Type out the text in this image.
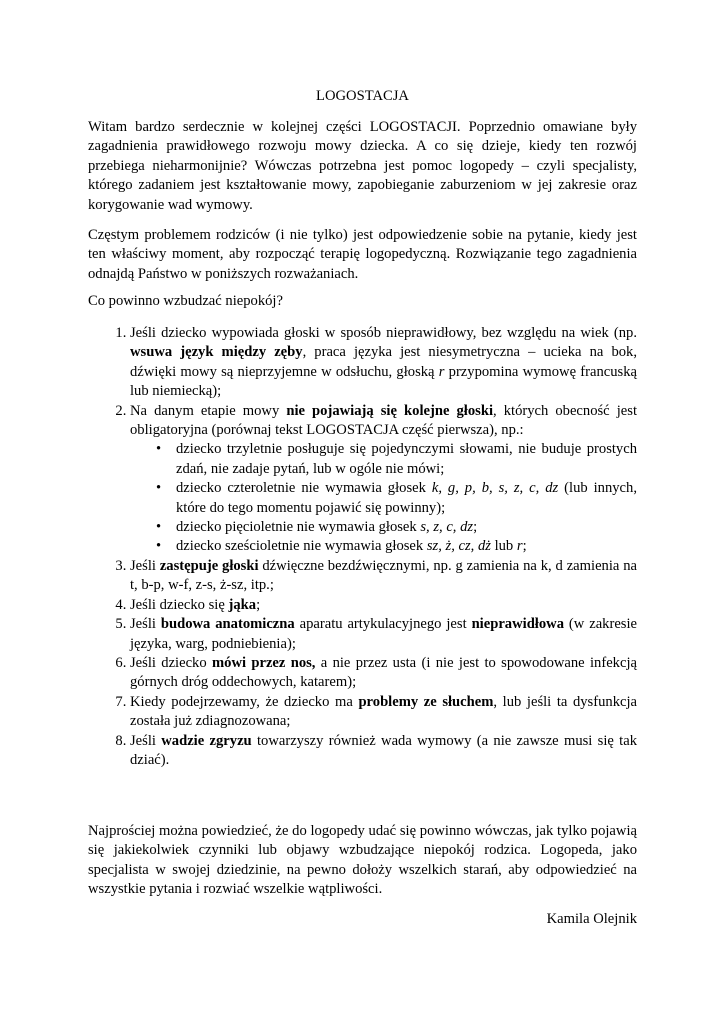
LOGOSTACJA

Witam bardzo serdecznie w kolejnej części LOGOSTACJI. Poprzednio omawiane były zagadnienia prawidłowego rozwoju mowy dziecka. A co się dzieje, kiedy ten rozwój przebiega nieharmonijnie? Wówczas potrzebna jest pomoc logopedy – czyli specjalisty, którego zadaniem jest kształtowanie mowy, zapobieganie zaburzeniom w jej zakresie oraz korygowanie wad wymowy.

Częstym problemem rodziców (i nie tylko) jest odpowiedzenie sobie na pytanie, kiedy jest ten właściwy moment, aby rozpocząć terapię logopedyczną. Rozwiązanie tego zagadnienia odnajdą Państwo w poniższych rozważaniach.

Co powinno wzbudzać niepokój?

1. Jeśli dziecko wypowiada głoski w sposób nieprawidłowy, bez względu na wiek (np. wsuwa język między zęby, praca języka jest niesymetryczna – ucieka na bok, dźwięki mowy są nieprzyjemne w odsłuchu, głoską r przypomina wymowę francuską lub niemiecką);
2. Na danym etapie mowy nie pojawiają się kolejne głoski, których obecność jest obligatoryjna (porównaj tekst LOGOSTACJA część pierwsza), np.:
• dziecko trzyletnie posługuje się pojedynczymi słowami, nie buduje prostych zdań, nie zadaje pytań, lub w ogóle nie mówi;
• dziecko czteroletnie nie wymawia głosek k, g, p, b, s, z, c, dz (lub innych, które do tego momentu pojawić się powinny);
• dziecko pięcioletnie nie wymawia głosek s, z, c, dz;
• dziecko sześcioletnie nie wymawia głosek sz, ż, cz, dż lub r;
3. Jeśli zastępuje głoski dźwięczne bezdźwięcznymi, np. g zamienia na k, d zamienia na t, b-p, w-f, z-s, ż-sz, itp.;
4. Jeśli dziecko się jąka;
5. Jeśli budowa anatomiczna aparatu artykulacyjnego jest nieprawidłowa (w zakresie języka, warg, podniebienia);
6. Jeśli dziecko mówi przez nos, a nie przez usta (i nie jest to spowodowane infekcją górnych dróg oddechowych, katarem);
7. Kiedy podejrzewamy, że dziecko ma problemy ze słuchem, lub jeśli ta dysfunkcja została już zdiagnozowana;
8. Jeśli wadzie zgryzu towarzyszy również wada wymowy (a nie zawsze musi się tak dziać).

Najprościej można powiedzieć, że do logopedy udać się powinno wówczas, jak tylko pojawią się jakiekolwiek czynniki lub objawy wzbudzające niepokój rodzica. Logopeda, jako specjalista w swojej dziedzinie, na pewno dołoży wszelkich starań, aby odpowiedzieć na wszystkie pytania i rozwiać wszelkie wątpliwości.

Kamila Olejnik
